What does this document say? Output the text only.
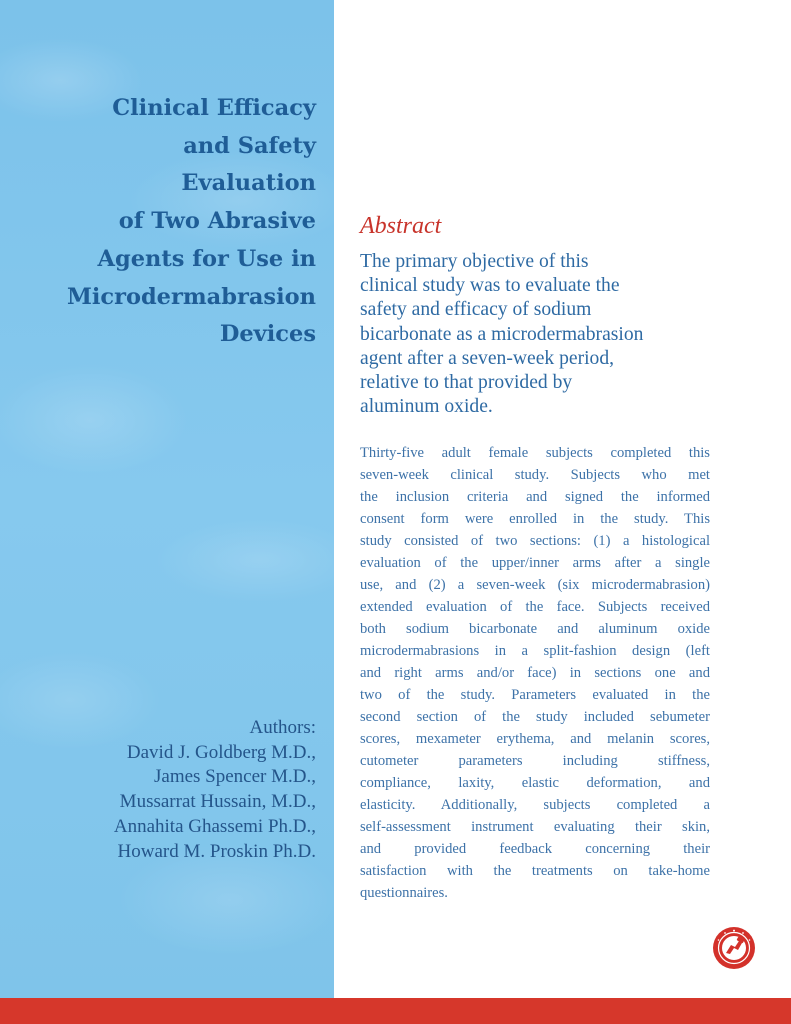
Clinical Efficacy
and Safety
Evaluation
of Two Abrasive
Agents for Use in
Microdermabrasion
Devices
Authors:
David J. Goldberg M.D.,
James Spencer M.D.,
Mussarrat Hussain, M.D.,
Annahita Ghassemi Ph.D.,
Howard M. Proskin Ph.D.
Abstract
The primary objective of this
clinical study was to evaluate the
safety and efficacy of sodium
bicarbonate as a microdermabrasion
agent after a seven-week period,
relative to that provided by
aluminum oxide.
Thirty-five adult female subjects completed this
seven-week clinical study. Subjects who met
the inclusion criteria and signed the informed
consent form were enrolled in the study. This
study consisted of two sections: (1) a histological
evaluation of the upper/inner arms after a single
use, and (2) a seven-week (six microdermabrasion)
extended evaluation of the face. Subjects received
both sodium bicarbonate and aluminum oxide
microdermabrasions in a split-fashion design (left
and right arms and/or face) in sections one and
two of the study. Parameters evaluated in the
second section of the study included sebumeter
scores, mexameter erythema, and melanin scores,
cutometer parameters including stiffness,
compliance, laxity, elastic deformation, and
elasticity. Additionally, subjects completed a
self-assessment instrument evaluating their skin,
and provided feedback concerning their
satisfaction with the treatments on take-home
questionnaires.
